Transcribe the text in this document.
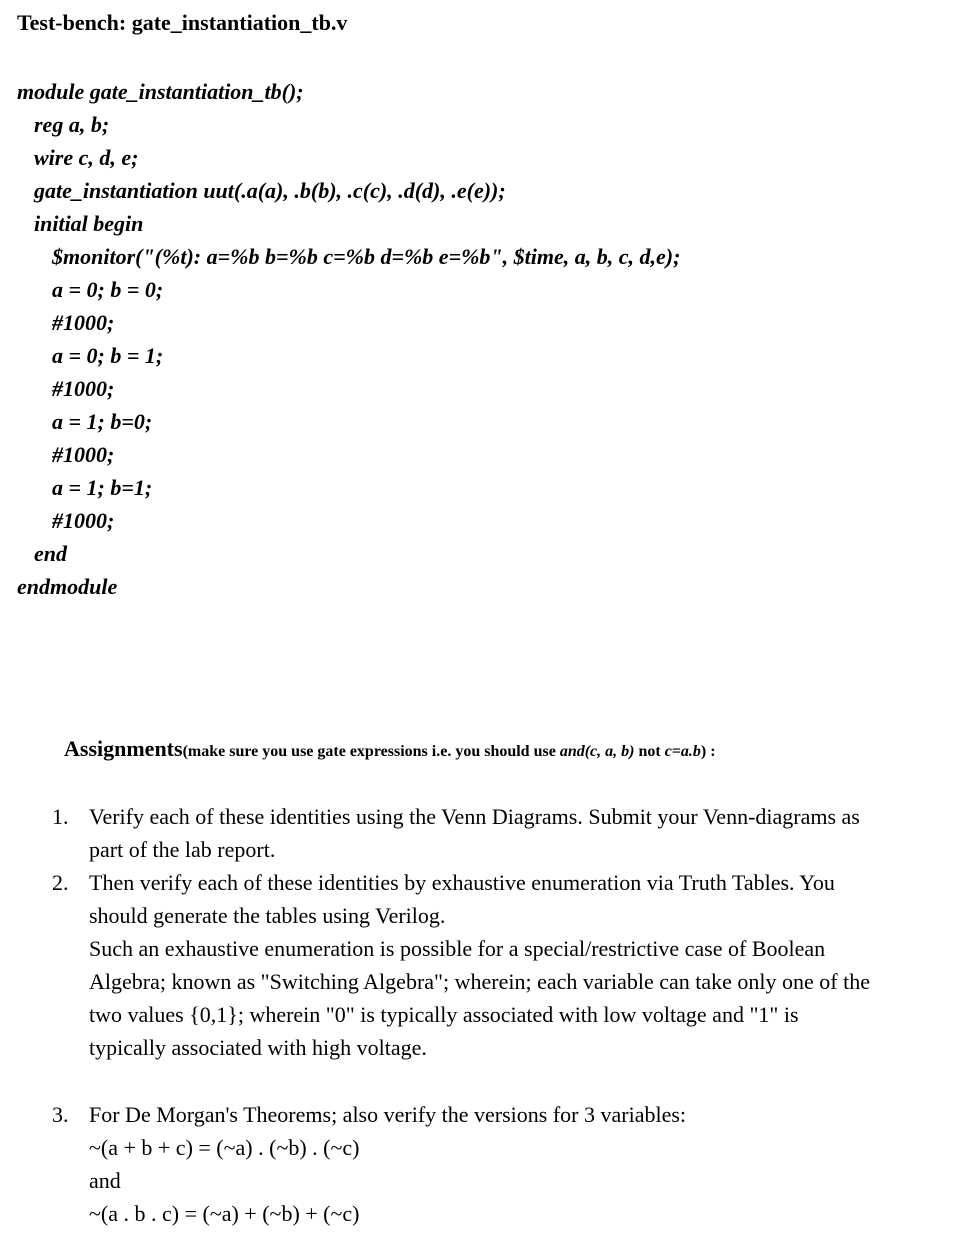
Test-bench: gate_instantiation_tb.v
module gate_instantiation_tb();
reg a, b;
wire c, d, e;
gate_instantiation uut(.a(a), .b(b), .c(c), .d(d), .e(e));
initial begin
$monitor("(%t): a=%b b=%b c=%b d=%b e=%b", $time, a, b, c, d,e);
a = 0; b = 0;
#1000;
a = 0; b = 1;
#1000;
a = 1; b=0;
#1000;
a = 1; b=1;
#1000;
end
endmodule
Assignments(make sure you use gate expressions i.e. you should use and(c, a, b) not c=a.b) :
1. Verify each of these identities using the Venn Diagrams. Submit your Venn-diagrams as
part of the lab report.
2. Then verify each of these identities by exhaustive enumeration via Truth Tables. You
should generate the tables using Verilog.
Such an exhaustive enumeration is possible for a special/restrictive case of Boolean
Algebra; known as "Switching Algebra"; wherein; each variable can take only one of the
two values {0,1}; wherein "0" is typically associated with low voltage and "1" is
typically associated with high voltage.
3. For De Morgan's Theorems; also verify the versions for 3 variables:
~(a + b + c) = (~a) . (~b) . (~c)
and
~(a . b . c) = (~a) + (~b) + (~c)
